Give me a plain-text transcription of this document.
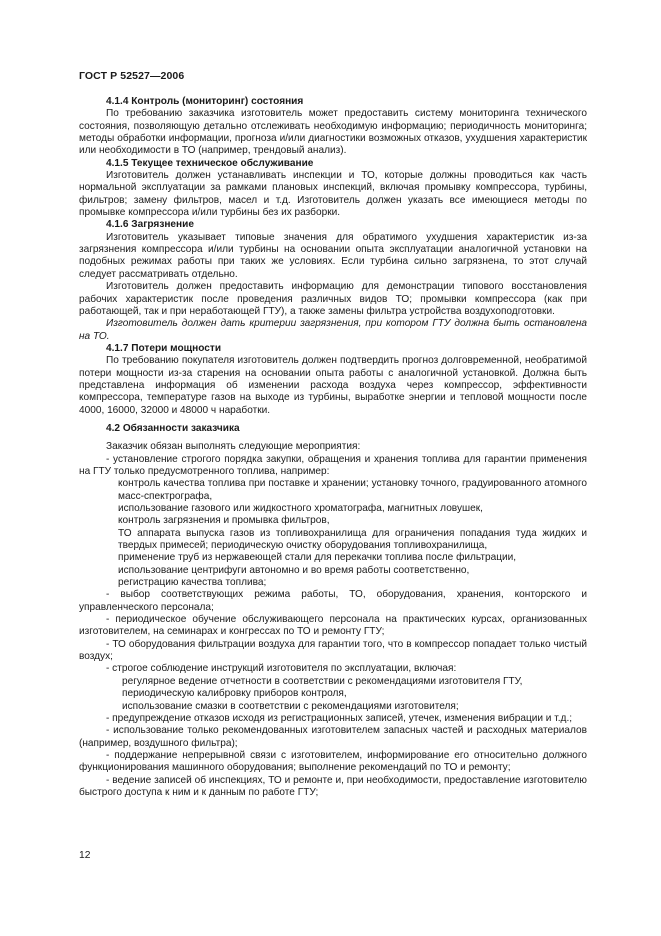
ГОСТ Р 52527—2006

4.1.4 Контроль (мониторинг) состояния

По требованию заказчика изготовитель может предоставить систему мониторинга технического состояния, позволяющую детально отслеживать необходимую информацию; периодичность мониторинга; методы обработки информации, прогноза и/или диагностики возможных отказов, ухудшения характеристик или необходимости в ТО (например, трендовый анализ).

4.1.5 Текущее техническое обслуживание

Изготовитель должен устанавливать инспекции и ТО, которые должны проводиться как часть нормальной эксплуатации за рамками плановых инспекций, включая промывку компрессора, турбины, фильтров; замену фильтров, масел и т.д. Изготовитель должен указать все имеющиеся методы по промывке компрессора и/или турбины без их разборки.

4.1.6 Загрязнение

Изготовитель указывает типовые значения для обратимого ухудшения характеристик из-за загрязнения компрессора и/или турбины на основании опыта эксплуатации аналогичной установки на подобных режимах работы при таких же условиях. Если турбина сильно загрязнена, то этот случай следует рассматривать отдельно.

Изготовитель должен предоставить информацию для демонстрации типового восстановления рабочих характеристик после проведения различных видов ТО; промывки компрессора (как при работающей, так и при неработающей ГТУ), а также замены фильтра устройства воздухоподготовки.

Изготовитель должен дать критерии загрязнения, при котором ГТУ должна быть остановлена на ТО.

4.1.7 Потери мощности

По требованию покупателя изготовитель должен подтвердить прогноз долговременной, необратимой потери мощности из-за старения на основании опыта работы с аналогичной установкой. Должна быть представлена информация об изменении расхода воздуха через компрессор, эффективности компрессора, температуре газов на выходе из турбины, выработке энергии и тепловой мощности после 4000, 16000, 32000 и 48000 ч наработки.

4.2 Обязанности заказчика

Заказчик обязан выполнять следующие мероприятия:

- установление строгого порядка закупки, обращения и хранения топлива для гарантии применения на ГТУ только предусмотренного топлива, например:

контроль качества топлива при поставке и хранении; установку точного, градуированного атомного масс-спектрографа,

использование газового или жидкостного хроматографа, магнитных ловушек,

контроль загрязнения и промывка фильтров,

ТО аппарата выпуска газов из топливохранилища для ограничения попадания туда жидких и твердых примесей; периодическую очистку оборудования топливохранилища,

применение труб из нержавеющей стали для перекачки топлива после фильтрации,

использование центрифуги автономно и во время работы соответственно,

регистрацию качества топлива;

- выбор соответствующих режима работы, ТО, оборудования, хранения, конторского и управленческого персонала;

- периодическое обучение обслуживающего персонала на практических курсах, организованных изготовителем, на семинарах и конгрессах по ТО и ремонту ГТУ;

- ТО оборудования фильтрации воздуха для гарантии того, что в компрессор попадает только чистый воздух;

- строгое соблюдение инструкций изготовителя по эксплуатации, включая:

регулярное ведение отчетности в соответствии с рекомендациями изготовителя ГТУ,

периодическую калибровку приборов контроля,

использование смазки в соответствии с рекомендациями изготовителя;

- предупреждение отказов исходя из регистрационных записей, утечек, изменения вибрации и т.д.;

- использование только рекомендованных изготовителем запасных частей и расходных материалов (например, воздушного фильтра);

- поддержание непрерывной связи с изготовителем, информирование его относительно должного функционирования машинного оборудования; выполнение рекомендаций по ТО и ремонту;

- ведение записей об инспекциях, ТО и ремонте и, при необходимости, предоставление изготовителю быстрого доступа к ним и к данным по работе ГТУ;

12
